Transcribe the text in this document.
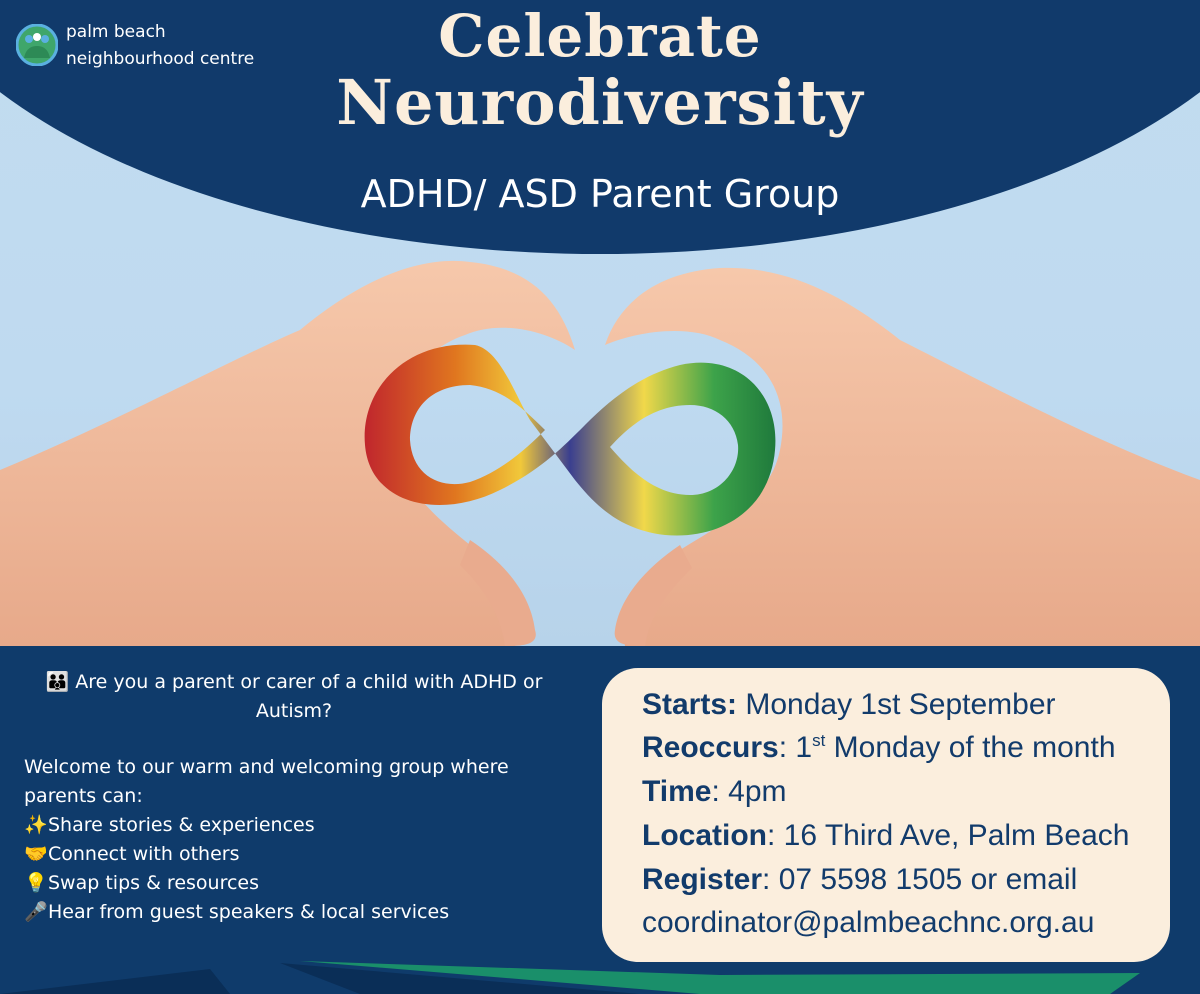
palm beach
neighbourhood centre	Celebrate
Neurodiversity
ADHD/ ASD Parent Group
👪 Are you a parent or carer of a child with ADHD or Autism?

Welcome to our warm and welcoming group where parents can:

✨Share stories & experiences

🤝Connect with others

💡Swap tips & resources

🎤Hear from guest speakers & local services

Starts: Monday 1st September
Reoccurs: 1st Monday of the month
Time: 4pm
Location: 16 Third Ave, Palm Beach
Register: 07 5598 1505 or email
coordinator@palmbeachnc.org.au
